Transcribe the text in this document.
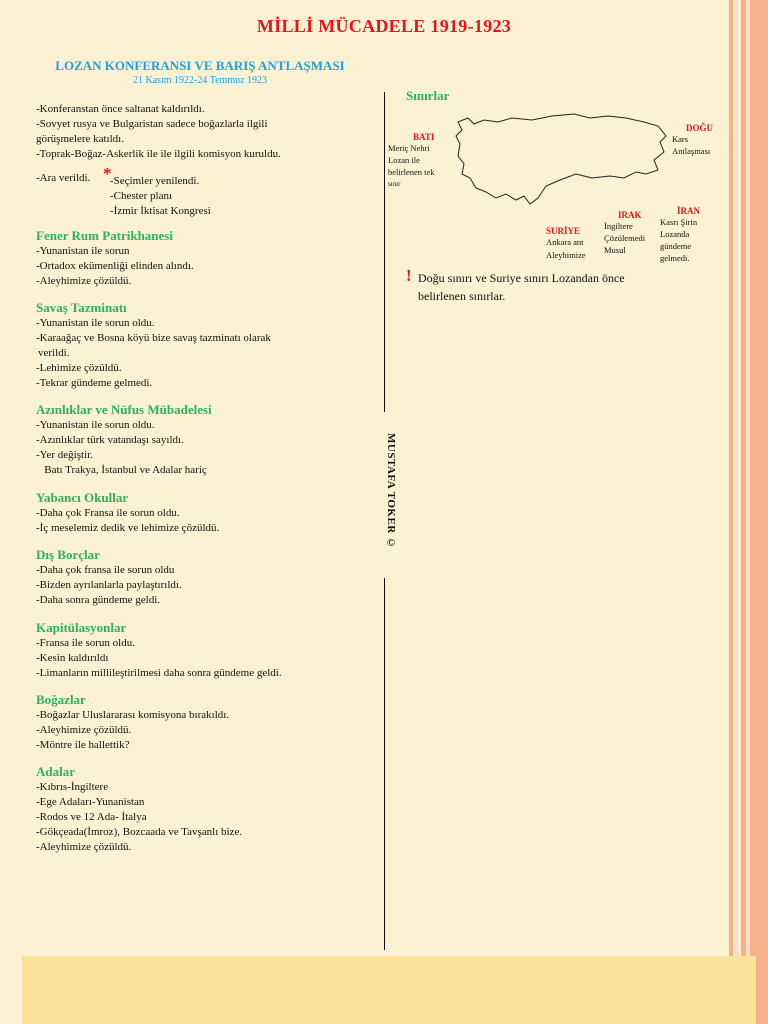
MİLLİ MÜCADELE 1919-1923
LOZAN KONFERANSI VE BARIŞ ANTLAŞMASI
21 Kasım 1922-24 Temmuz 1923
-Konferanstan önce saltanat kaldırıldı.
-Sovyet rusya ve Bulgaristan sadece boğazlarla ilgili
görüşmelere katıldı.
-Toprak-Boğaz-Askerlik ile ile ilgili komisyon kuruldu.
-Ara verildi. *
-Seçimler yenilendi.
-Chester planı
-İzmir İktisat Kongresi
Fener Rum Patrikhanesi
-Yunanistan ile sorun
-Ortadox ekümenliği elinden alındı.
-Aleyhimize çözüldü.
Savaş Tazminatı
-Yunanistan ile sorun oldu.
-Karaağaç ve Bosna köyü bize savaş tazminatı olarak
verildi.
-Lehimize çözüldü.
-Tekrar gündeme gelmedi.
Azınlıklar ve Nüfus Mübadelesi
-Yunanistan ile sorun oldu.
-Azınlıklar türk vatandaşı sayıldı.
-Yer değiştir.
Batı Trakya, İstanbul ve Adalar hariç
Yabancı Okullar
-Daha çok Fransa ile sorun oldu.
-İç meselemiz dedik ve lehimize çözüldü.
Dış Borçlar
-Daha çok fransa ile sorun oldu
-Bizden ayrılanlarla paylaştırıldı.
-Daha sonra gündeme geldi.
Kapitülasyonlar
-Fransa ile sorun oldu.
-Kesin kaldırıldı
-Limanların millileştirilmesi daha sonra gündeme geldi.
Boğazlar
-Boğazlar Uluslararası komisyona bırakıldı.
-Aleyhimize çözüldü.
-Möntre ile hallettik?
Adalar
-Kıbrıs-İngiltere
-Ege Adaları-Yunanistan
-Rodos ve 12 Ada- İtalya
-Gökçeada(İmroz), Bozcaada ve Tavşanlı bize.
-Aleyhimize çözüldü.
MUSTAFA TOKER ©
Sınırlar
BATI
Meriç Nehri
Lozan ile
belirlenen tek
sınır
DOĞU
Kars
Antlaşması
SURİYE
Ankara ant
Aleyhimize
IRAK
İngiltere
Çözülemedi
Musul
İRAN
Kasrı Şirin
Lozanda
gündeme
gelmedi.
! Doğu sınırı ve Suriye sınırı Lozandan önce
belirlenen sınırlar.
